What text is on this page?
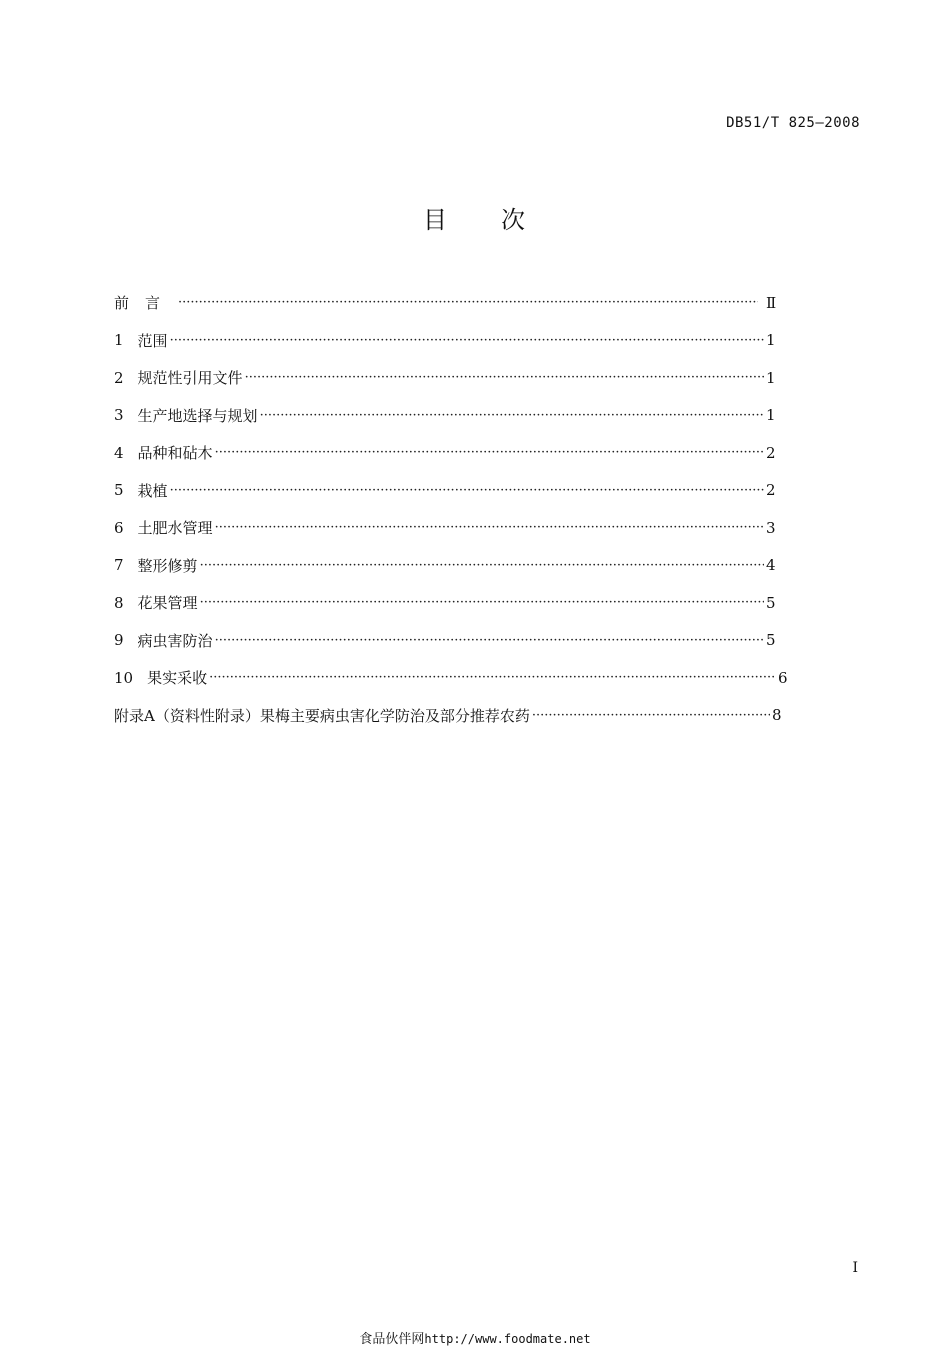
DB51/T 825—2008
目 次
前言 ·····	Ⅱ
1 范围 ·····	1
2 规范性引用文件 ·····	1
3 生产地选择与规划 ·····	1
4 品种和砧木 ·····	2
5 栽植 ·····	2
6 土肥水管理 ·····	3
7 整形修剪 ·····	4
8 花果管理 ·····	5
9 病虫害防治 ·····	5
10 果实采收 ·····	6
附录A（资料性附录）果梅主要病虫害化学防治及部分推荐农药 ·····	8
I
食品伙伴网http://www.foodmate.net
